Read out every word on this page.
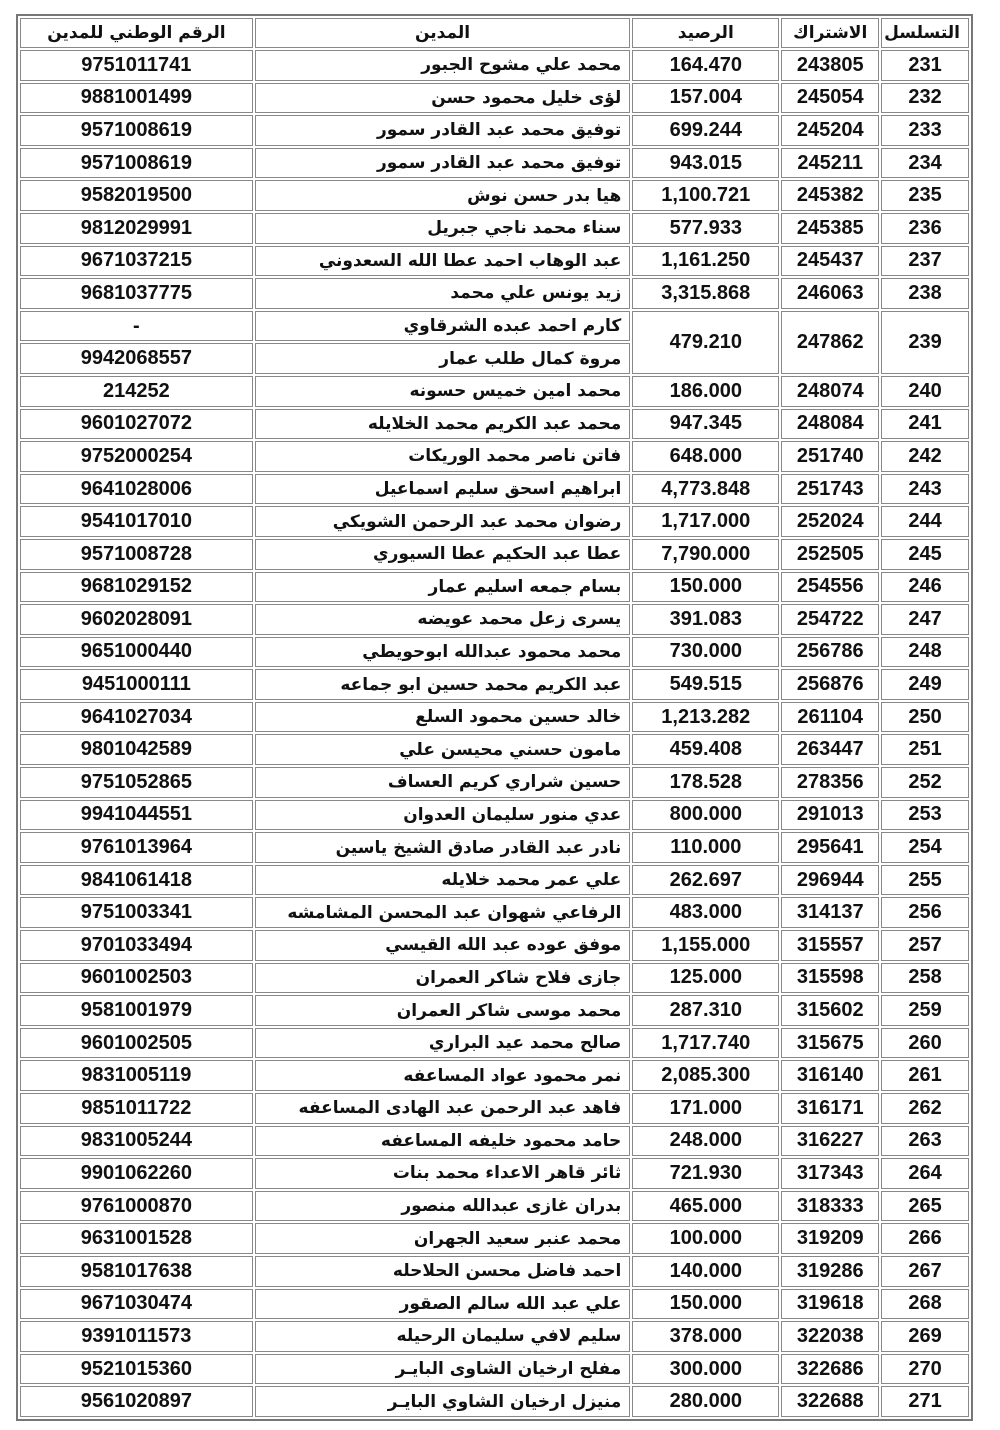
التسلسل	الاشتراك	الرصيد	المدين	الرقم الوطني للمدين
231	243805	164.470	محمد علي مشوح الجبور	9751011741
232	245054	157.004	لؤى خليل محمود حسن	9881001499
233	245204	699.244	توفيق محمد عبد القادر سمور	9571008619
234	245211	943.015	توفيق محمد عبد القادر سمور	9571008619
235	245382	1,100.721	هيا بدر حسن نوش	9582019500
236	245385	577.933	سناء محمد ناجي جبريل	9812029991
237	245437	1,161.250	عبد الوهاب احمد عطا الله السعدوني	9671037215
238	246063	3,315.868	زيد يونس علي محمد	9681037775
239	247862	479.210	كارم احمد عبده الشرقاوي	-
			مروة كمال طلب عمار	9942068557
240	248074	186.000	محمد امين خميس حسونه	214252
241	248084	947.345	محمد عبد الكريم محمد الخلايله	9601027072
242	251740	648.000	فاتن ناصر محمد الوريكات	9752000254
243	251743	4,773.848	ابراهيم اسحق سليم اسماعيل	9641028006
244	252024	1,717.000	رضوان محمد عبد الرحمن الشويكي	9541017010
245	252505	7,790.000	عطا عبد الحكيم عطا السيوري	9571008728
246	254556	150.000	بسام جمعه اسليم عمار	9681029152
247	254722	391.083	يسرى زعل محمد عويضه	9602028091
248	256786	730.000	محمد محمود عبدالله ابوحويطي	9651000440
249	256876	549.515	عبد الكريم محمد حسين ابو جماعه	9451000111
250	261104	1,213.282	خالد حسين محمود السلع	9641027034
251	263447	459.408	مامون حسني محيسن علي	9801042589
252	278356	178.528	حسين شراري كريم العساف	9751052865
253	291013	800.000	عدي منور سليمان العدوان	9941044551
254	295641	110.000	نادر عبد القادر صادق الشيخ ياسين	9761013964
255	296944	262.697	علي عمر محمد خلايله	9841061418
256	314137	483.000	الرفاعي شهوان عبد المحسن المشامشه	9751003341
257	315557	1,155.000	موفق عوده عبد الله القيسي	9701033494
258	315598	125.000	جازى فلاح شاكر العمران	9601002503
259	315602	287.310	محمد موسى شاكر العمران	9581001979
260	315675	1,717.740	صالح محمد عيد البراري	9601002505
261	316140	2,085.300	نمر محمود عواد المساعفه	9831005119
262	316171	171.000	فاهد عبد الرحمن عبد الهادى المساعفه	9851011722
263	316227	248.000	حامد محمود خليفه المساعفه	9831005244
264	317343	721.930	ثائر قاهر الاعداء محمد بنات	9901062260
265	318333	465.000	بدران غازى عبدالله منصور	9761000870
266	319209	100.000	محمد عنبر سعيد الجهران	9631001528
267	319286	140.000	احمد فاضل محسن الحلاحله	9581017638
268	319618	150.000	علي عبد الله سالم الصقور	9671030474
269	322038	378.000	سليم لافي سليمان الرحيله	9391011573
270	322686	300.000	مفلح ارخيان الشاوى البايـر	9521015360
271	322688	280.000	منيزل ارخيان الشاوي البايـر	9561020897
